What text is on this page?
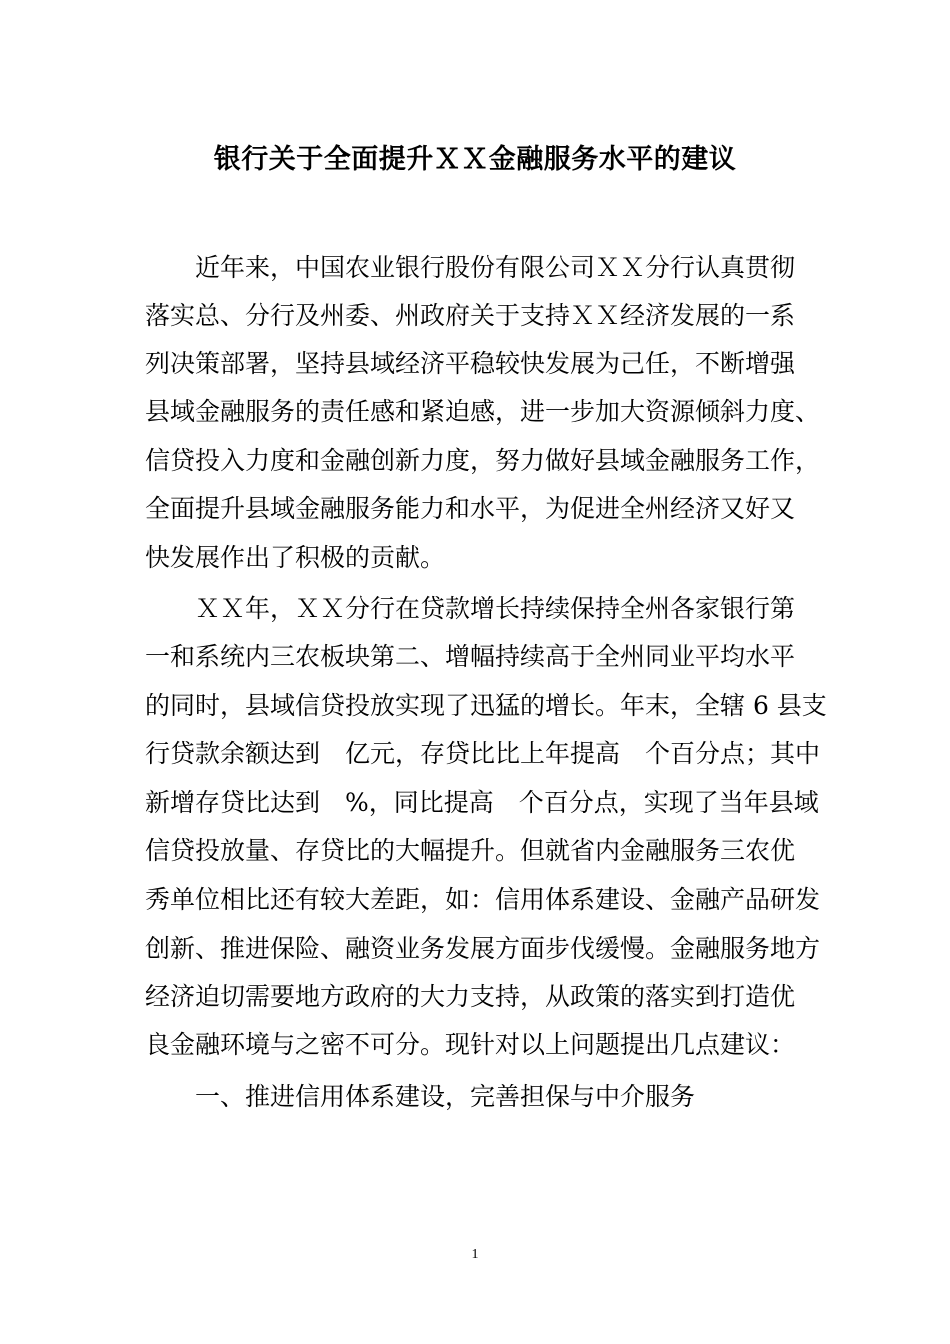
银行关于全面提升ＸＸ金融服务水平的建议
近年来，中国农业银行股份有限公司ＸＸ分行认真贯彻
落实总、分行及州委、州政府关于支持ＸＸ经济发展的一系
列决策部署，坚持县域经济平稳较快发展为己任，不断增强
县域金融服务的责任感和紧迫感，进一步加大资源倾斜力度、
信贷投入力度和金融创新力度，努力做好县域金融服务工作，
全面提升县域金融服务能力和水平，为促进全州经济又好又
快发展作出了积极的贡献。
ＸＸ年，ＸＸ分行在贷款增长持续保持全州各家银行第
一和系统内三农板块第二、增幅持续高于全州同业平均水平
的同时，县域信贷投放实现了迅猛的增长。年末，全辖 6 县支
行贷款余额达到　亿元，存贷比比上年提高　个百分点；其中
新增存贷比达到　%，同比提高　个百分点，实现了当年县域
信贷投放量、存贷比的大幅提升。但就省内金融服务三农优
秀单位相比还有较大差距，如：信用体系建设、金融产品研发
创新、推进保险、融资业务发展方面步伐缓慢。金融服务地方
经济迫切需要地方政府的大力支持，从政策的落实到打造优
良金融环境与之密不可分。现针对以上问题提出几点建议：
一、推进信用体系建设，完善担保与中介服务
1
